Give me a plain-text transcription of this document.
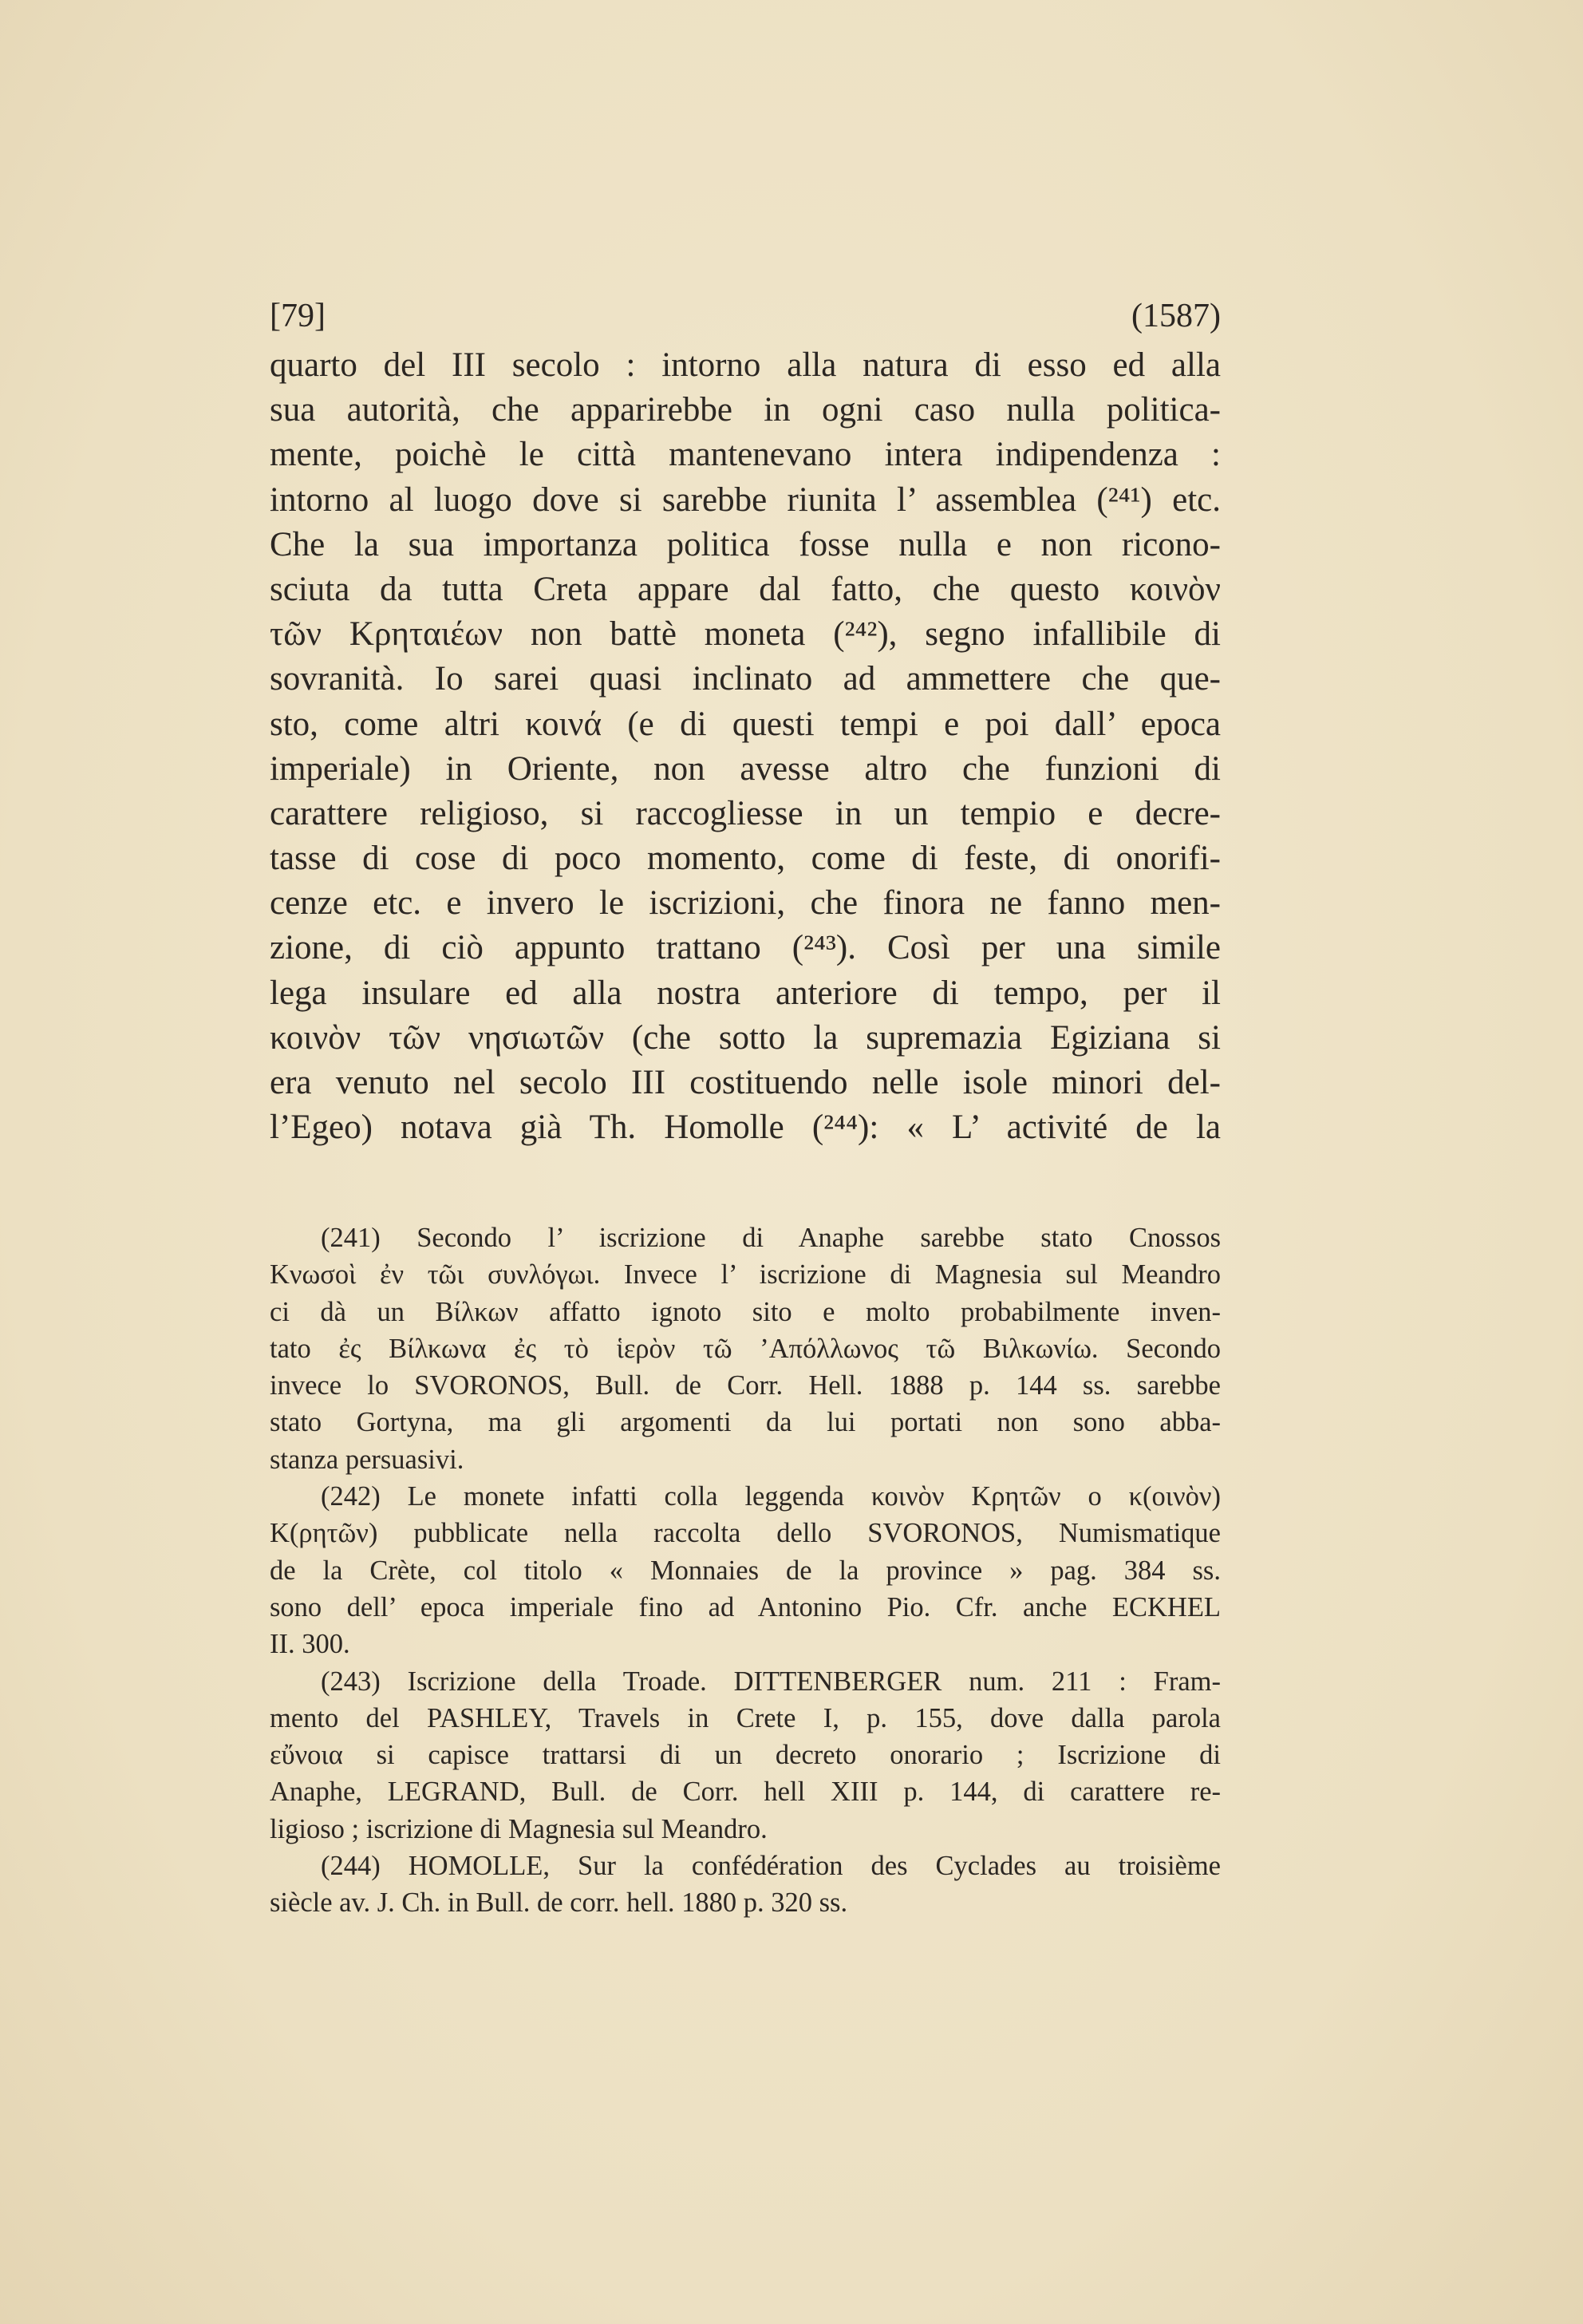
[79]	(1587)
quarto del III secolo : intorno alla natura di esso ed alla
sua autorità, che apparirebbe in ogni caso nulla politica-
mente, poichè le città mantenevano intera indipendenza :
intorno al luogo dove si sarebbe riunita l’ assemblea (²⁴¹) etc.
Che la sua importanza politica fosse nulla e non ricono-
sciuta da tutta Creta appare dal fatto, che questo κοινὸν
τῶν Κρηταιέων non battè moneta (²⁴²), segno infallibile di
sovranità. Io sarei quasi inclinato ad ammettere che que-
sto, come altri κοινά (e di questi tempi e poi dall’ epoca
imperiale) in Oriente, non avesse altro che funzioni di
carattere religioso, si raccogliesse in un tempio e decre-
tasse di cose di poco momento, come di feste, di onorifi-
cenze etc. e invero le iscrizioni, che finora ne fanno men-
zione, di ciò appunto trattano (²⁴³). Così per una simile
lega insulare ed alla nostra anteriore di tempo, per il
κοινὸν τῶν νησιωτῶν (che sotto la supremazia Egiziana si
era venuto nel secolo III costituendo nelle isole minori del-
l’Egeo) notava già Th. Homolle (²⁴⁴): « L’ activité de la
(241) Secondo l’ iscrizione di Anaphe sarebbe stato Cnossos
Κνωσοὶ ἐν τῶι συνλόγωι. Invece l’ iscrizione di Magnesia sul Meandro
ci dà un Βίλκων affatto ignoto sito e molto probabilmente inven-
tato ἐς Βίλκωνα ἐς τὸ ἱερὸν τῶ ’Απόλλωνος τῶ Βιλκωνίω. Secondo
invece lo SVORONOS, Bull. de Corr. Hell. 1888 p. 144 ss. sarebbe
stato Gortyna, ma gli argomenti da lui portati non sono abba-
stanza persuasivi.
(242) Le monete infatti colla leggenda κοινὸν Κρητῶν o κ(οινὸν)
Κ(ρητῶν) pubblicate nella raccolta dello SVORONOS, Numismatique
de la Crète, col titolo « Monnaies de la province » pag. 384 ss.
sono dell’ epoca imperiale fino ad Antonino Pio. Cfr. anche ECKHEL
II. 300.
(243) Iscrizione della Troade. DITTENBERGER num. 211 : Fram-
mento del PASHLEY, Travels in Crete I, p. 155, dove dalla parola
εὔνοια si capisce trattarsi di un decreto onorario ; Iscrizione di
Anaphe, LEGRAND, Bull. de Corr. hell XIII p. 144, di carattere re-
ligioso ; iscrizione di Magnesia sul Meandro.
(244) HOMOLLE, Sur la confédération des Cyclades au troisième
siècle av. J. Ch. in Bull. de corr. hell. 1880 p. 320 ss.
